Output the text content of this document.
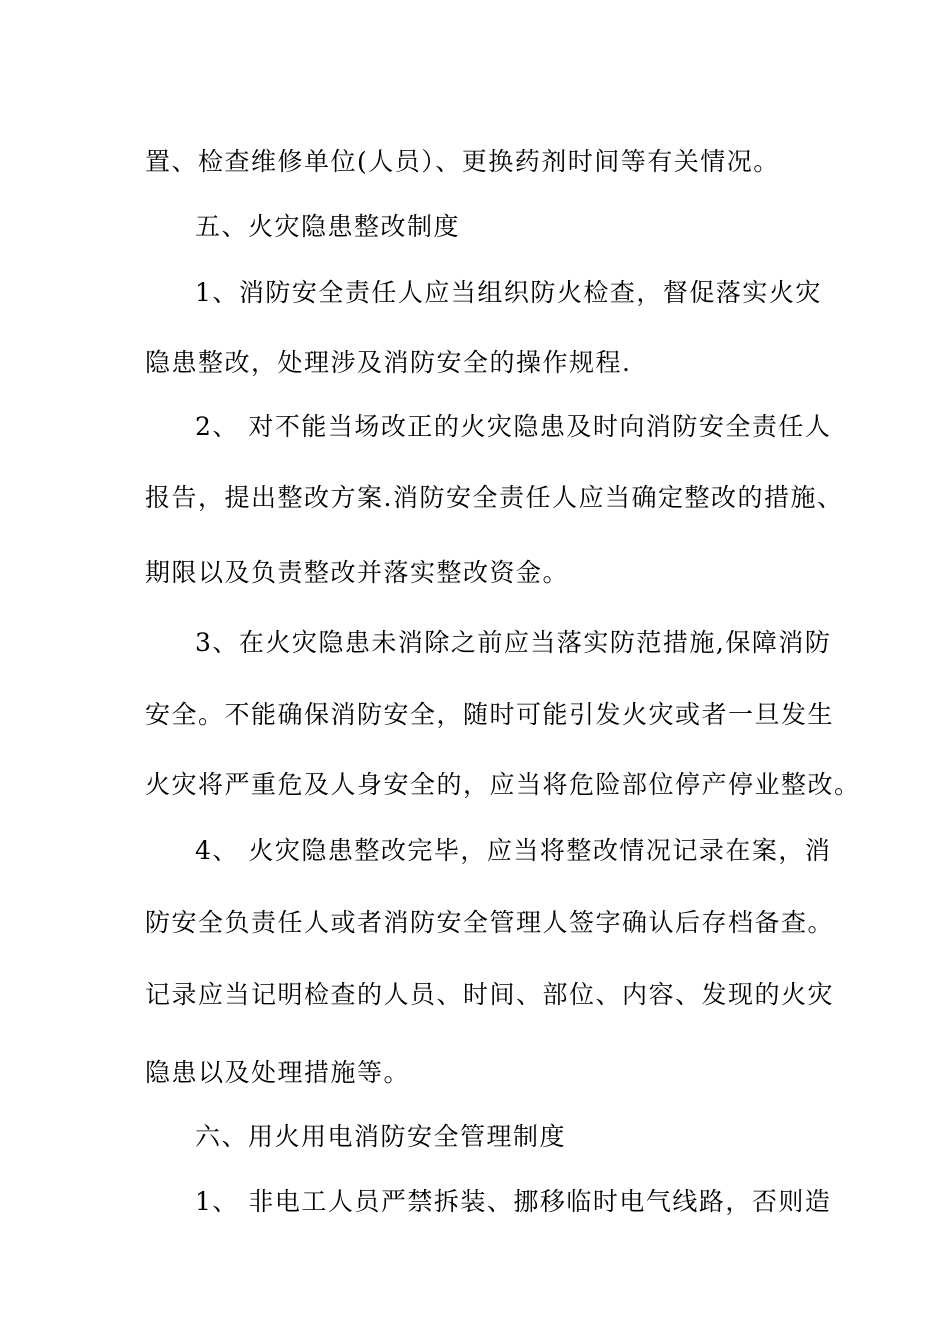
置、检查维修单位(人员）、更换药剂时间等有关情况。
五、火灾隐患整改制度
1、消防安全责任人应当组织防火检查，督促落实火灾
隐患整改，处理涉及消防安全的操作规程.
2、 对不能当场改正的火灾隐患及时向消防安全责任人
报告，提出整改方案.消防安全责任人应当确定整改的措施、
期限以及负责整改并落实整改资金。
3、在火灾隐患未消除之前应当落实防范措施,保障消防
安全。不能确保消防安全，随时可能引发火灾或者一旦发生
火灾将严重危及人身安全的，应当将危险部位停产停业整改。
4、 火灾隐患整改完毕，应当将整改情况记录在案，消
防安全负责任人或者消防安全管理人签字确认后存档备查。
记录应当记明检查的人员、时间、部位、内容、发现的火灾
隐患以及处理措施等。
六、用火用电消防安全管理制度
1、 非电工人员严禁拆装、挪移临时电气线路，否则造
